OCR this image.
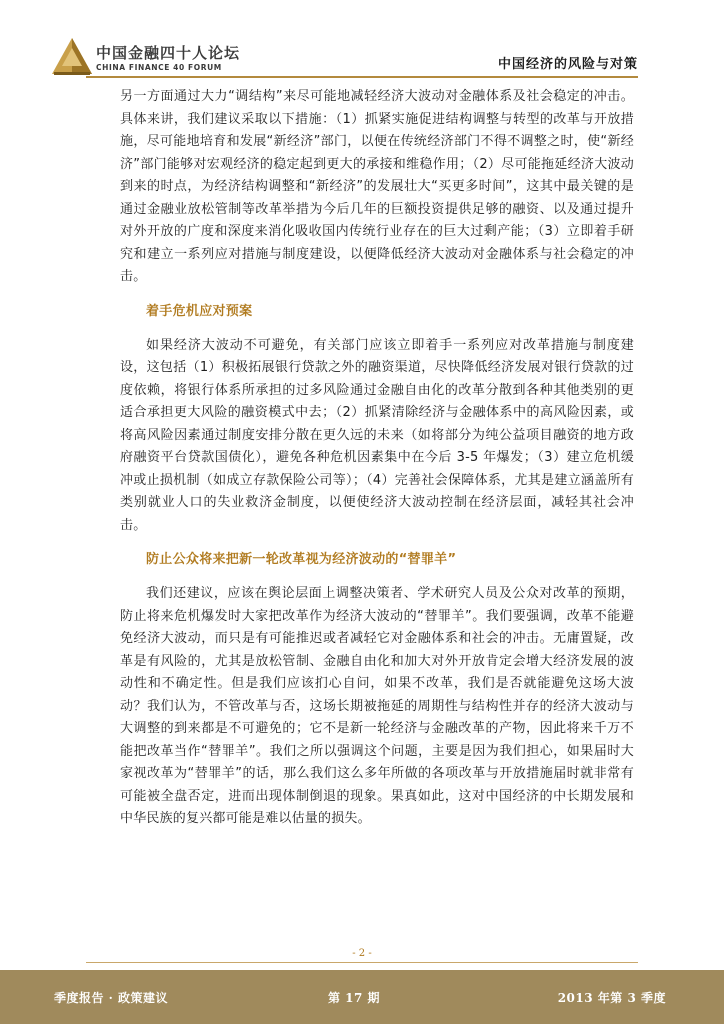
中国金融四十人论坛
CHINA FINANCE 40 FORUM	中国经济的风险与对策

另一方面通过大力“调结构”来尽可能地减轻经济大波动对金融体系及社会稳定的冲击。具体来讲，我们建议采取以下措施：（1）抓紧实施促进结构调整与转型的改革与开放措施，尽可能地培育和发展“新经济”部门，以便在传统经济部门不得不调整之时，使“新经济”部门能够对宏观经济的稳定起到更大的承接和维稳作用；（2）尽可能拖延经济大波动到来的时点，为经济结构调整和“新经济”的发展壮大“买更多时间”，这其中最关键的是通过金融业放松管制等改革举措为今后几年的巨额投资提供足够的融资、以及通过提升对外开放的广度和深度来消化吸收国内传统行业存在的巨大过剩产能；（3）立即着手研究和建立一系列应对措施与制度建设，以便降低经济大波动对金融体系与社会稳定的冲击。

着手危机应对预案

如果经济大波动不可避免，有关部门应该立即着手一系列应对改革措施与制度建设，这包括（1）积极拓展银行贷款之外的融资渠道，尽快降低经济发展对银行贷款的过度依赖，将银行体系所承担的过多风险通过金融自由化的改革分散到各种其他类别的更适合承担更大风险的融资模式中去；（2）抓紧清除经济与金融体系中的高风险因素，或将高风险因素通过制度安排分散在更久远的未来（如将部分为纯公益项目融资的地方政府融资平台贷款国债化），避免各种危机因素集中在今后 3-5 年爆发；（3）建立危机缓冲或止损机制（如成立存款保险公司等）；（4）完善社会保障体系，尤其是建立涵盖所有类别就业人口的失业救济金制度，以便使经济大波动控制在经济层面，减轻其社会冲击。

防止公众将来把新一轮改革视为经济波动的“替罪羊”

我们还建议，应该在舆论层面上调整决策者、学术研究人员及公众对改革的预期，防止将来危机爆发时大家把改革作为经济大波动的“替罪羊”。我们要强调，改革不能避免经济大波动，而只是有可能推迟或者减轻它对金融体系和社会的冲击。无庸置疑，改革是有风险的，尤其是放松管制、金融自由化和加大对外开放肯定会增大经济发展的波动性和不确定性。但是我们应该扪心自问，如果不改革，我们是否就能避免这场大波动？我们认为，不管改革与否，这场长期被拖延的周期性与结构性并存的经济大波动与大调整的到来都是不可避免的；它不是新一轮经济与金融改革的产物，因此将来千万不能把改革当作“替罪羊”。我们之所以强调这个问题，主要是因为我们担心，如果届时大家视改革为“替罪羊”的话，那么我们这么多年所做的各项改革与开放措施届时就非常有可能被全盘否定，进而出现体制倒退的现象。果真如此，这对中国经济的中长期发展和中华民族的复兴都可能是难以估量的损失。

- 2 -
季度报告 · 政策建议	第 17 期	2013 年第 3 季度
